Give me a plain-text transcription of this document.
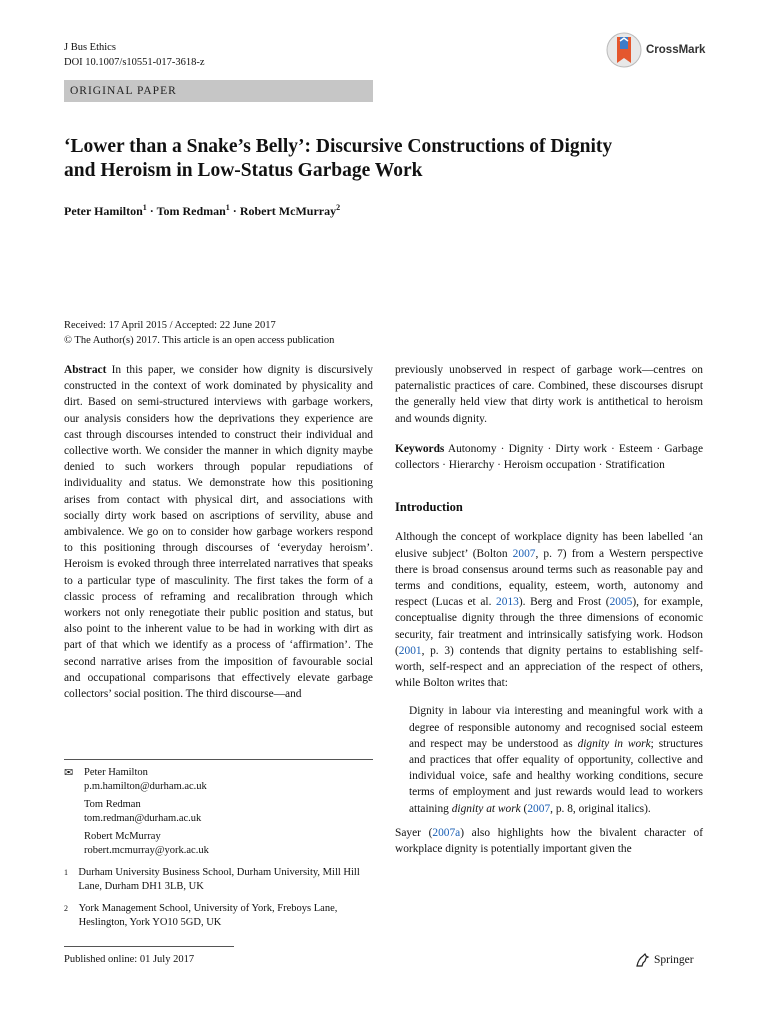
J Bus Ethics
DOI 10.1007/s10551-017-3618-z
CrossMark
ORIGINAL PAPER
‘Lower than a Snake’s Belly’: Discursive Constructions of Dignity
and Heroism in Low-Status Garbage Work
Peter Hamilton$^1$ · Tom Redman$^1$ · Robert McMurray$^2$
Received: 17 April 2015 / Accepted: 22 June 2017
© The Author(s) 2017. This article is an open access publication

Abstract In this paper, we consider how dignity is discursively constructed in the context of work dominated by physicality and dirt. Based on semi-structured interviews with garbage workers, our analysis considers how the deprivations they experience are cast through discourses intended to construct their individual and collective worth. We consider the manner in which dignity maybe denied to such workers through popular repudiations of individuality and status. We demonstrate how this positioning arises from contact with physical dirt, and associations with socially dirty work based on ascriptions of servility, abuse and ambivalence. We go on to consider how garbage workers respond to this positioning through discourses of ‘everyday heroism’. Heroism is evoked through three interrelated narratives that speaks to a particular type of masculinity. The first takes the form of a classic process of reframing and recalibration through which workers not only renegotiate their public position and status, but also point to the inherent value to be had in working with dirt as part of that which we identify as a process of ‘affirmation’. The second narrative arises from the imposition of favourable social and occupational comparisons that effectively elevate garbage collectors’ social position. The third discourse—and

✉	Peter Hamilton
p.m.hamilton@durham.ac.uk
Tom Redman
tom.redman@durham.ac.uk
Robert McMurray
robert.mcmurray@york.ac.uk
1 Durham University Business School, Durham University, Mill Hill Lane, Durham DH1 3LB, UK
2	York Management School, University of York, Freboys Lane, Heslington, York YO10 5GD, UK

previously unobserved in respect of garbage work—centres on paternalistic practices of care. Combined, these discourses disrupt the generally held view that dirty work is antithetical to heroism and wounds dignity.

Keywords Autonomy · Dignity · Dirty work · Esteem · Garbage collectors · Hierarchy · Heroism occupation · Stratification

Introduction

Although the concept of workplace dignity has been labelled ‘an elusive subject’ (Bolton 2007, p. 7) from a Western perspective there is broad consensus around terms such as reasonable pay and terms and conditions, equality, esteem, worth, autonomy and respect (Lucas et al. 2013). Berg and Frost (2005), for example, conceptualise dignity through the three dimensions of economic security, fair treatment and intrinsically satisfying work. Hodson (2001, p. 3) contends that dignity pertains to establishing self-worth, self-respect and an appreciation of the respect of others, while Bolton writes that:

Dignity in labour via interesting and meaningful work with a degree of responsible autonomy and recognised social esteem and respect may be understood as dignity in work; structures and practices that offer equality of opportunity, collective and individual voice, safe and healthy working conditions, secure terms of employment and just rewards would lead to workers attaining dignity at work (2007, p. 8, original italics).

Sayer (2007a) also highlights how the bivalent character of workplace dignity is potentially important given the

Published online: 01 July 2017	Springer
